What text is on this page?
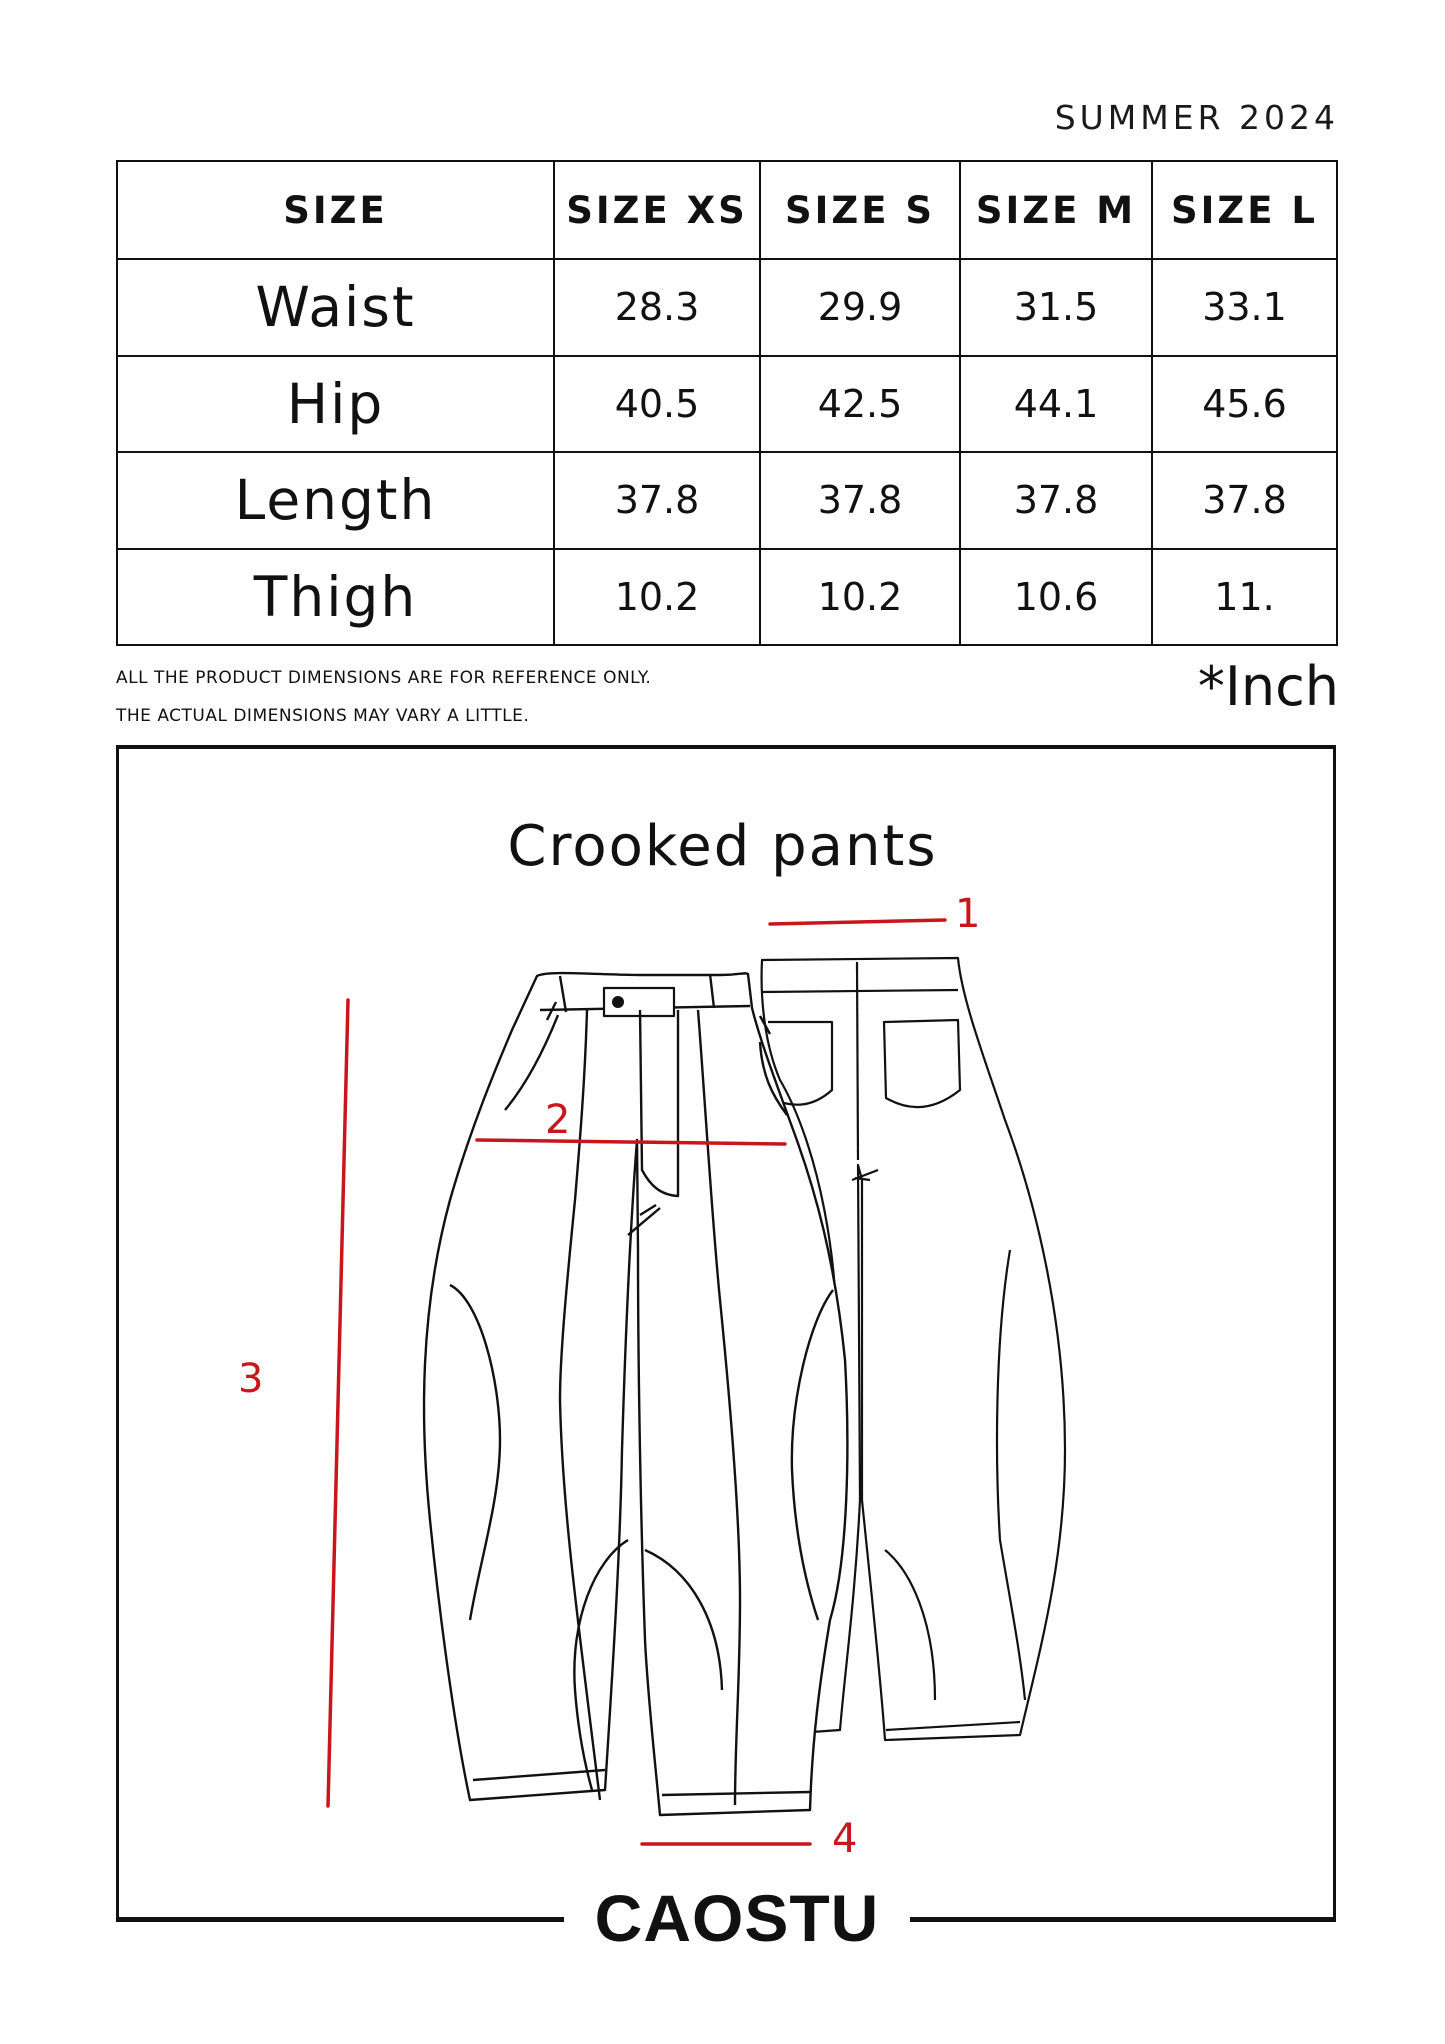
SUMMER 2024
SIZE	SIZE XS	SIZE S	SIZE M	SIZE L
Waist	28.3	29.9	31.5	33.1
Hip	40.5	42.5	44.1	45.6
Length	37.8	37.8	37.8	37.8
Thigh	10.2	10.2	10.6	11.
ALL THE PRODUCT DIMENSIONS ARE FOR REFERENCE ONLY.
THE ACTUAL DIMENSIONS MAY VARY A LITTLE.	*Inch
Crooked pants
1
2
3
4
CAOSTU
